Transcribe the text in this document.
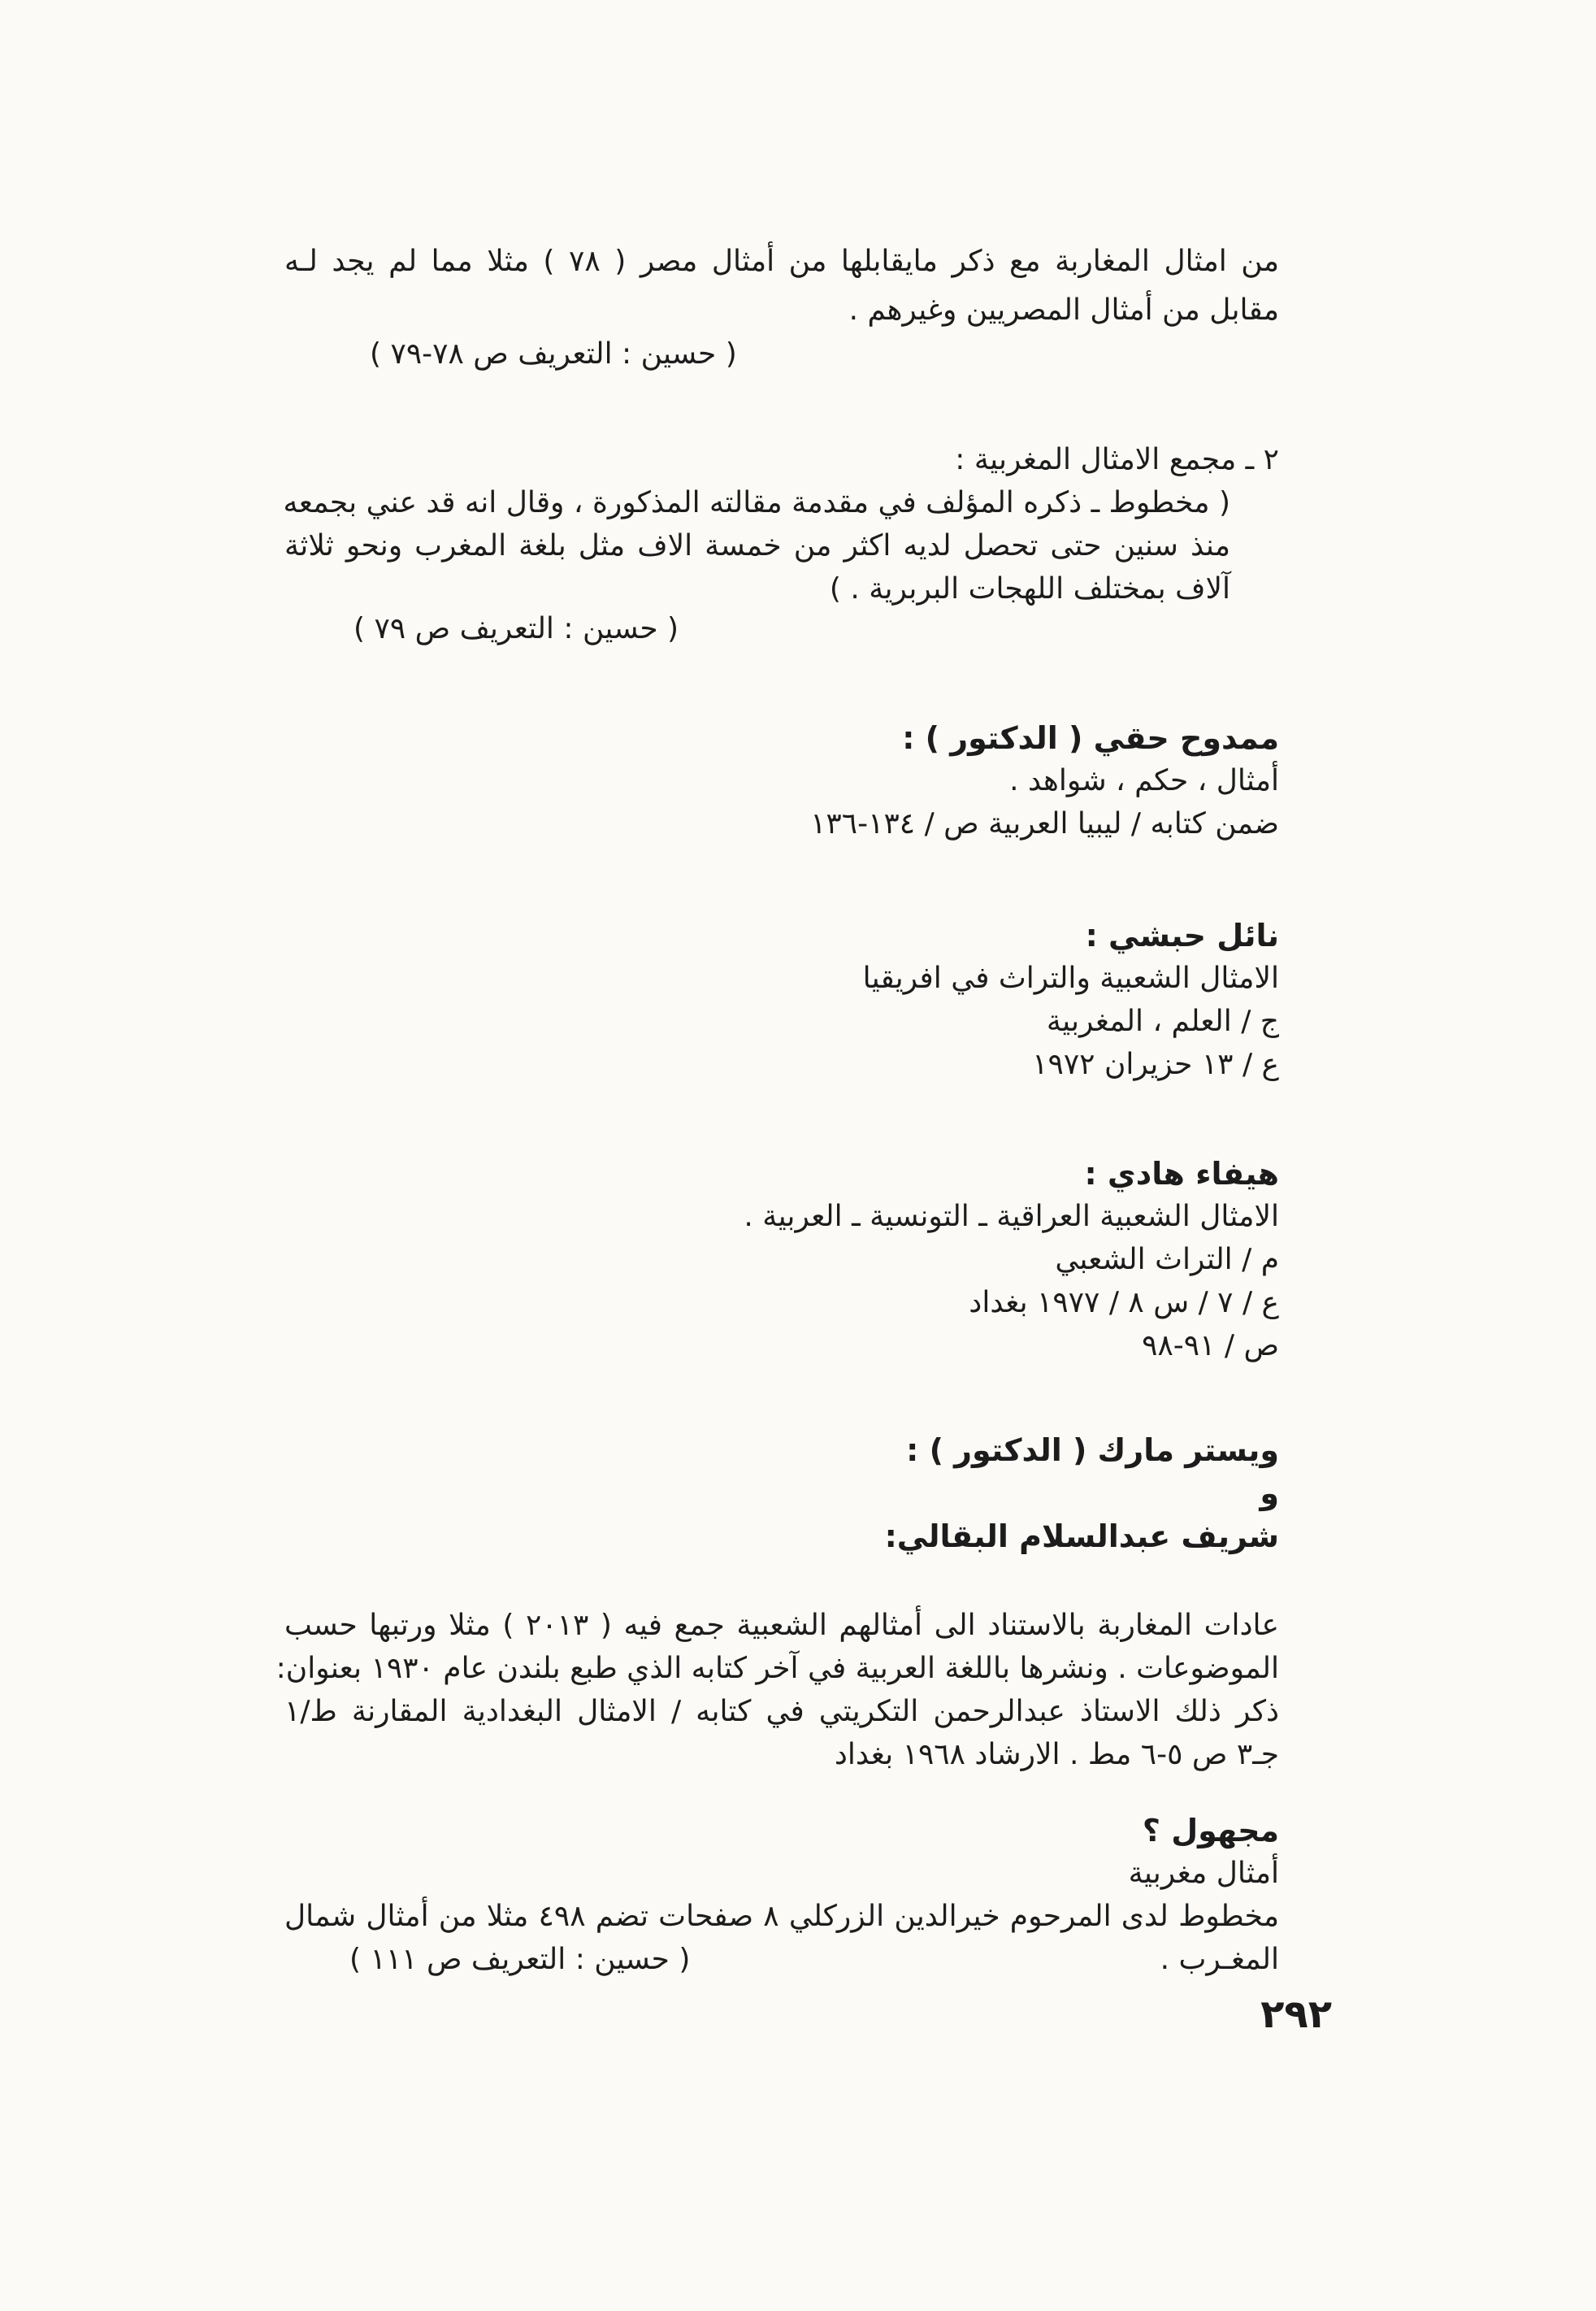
من امثال المغاربة مع ذكر مايقابلها من أمثال مصر ( ٧٨ ) مثلا مما لم يجد لـه
مقابل من أمثال المصريين وغيرهم .
( حسين : التعريف ص ٧٨-٧٩ )
٢ ـ مجمع الامثال المغربية :
( مخطوط ـ ذكره المؤلف في مقدمة مقالته المذكورة ، وقال انه قد عني بجمعه
منذ سنين حتى تحصل لديه اكثر من خمسة الاف مثل بلغة المغرب ونحو ثلاثة
آلاف بمختلف اللهجات البربرية . )
( حسين : التعريف ص ٧٩ )
ممدوح حقي ( الدكتور ) :
أمثال ، حكم ، شواهد .
ضمن كتابه / ليبيا العربية ص / ١٣٤-١٣٦
نائل حبشي :
الامثال الشعبية والتراث في افريقيا
ج / العلم ، المغربية
ع / ١٣ حزيران ١٩٧٢
هيفاء هادي :
الامثال الشعبية العراقية ـ التونسية ـ العربية .
م / التراث الشعبي
ع / ٧ / س ٨ / ١٩٧٧ بغداد
ص / ٩١-٩٨
ويستر مارك ( الدكتور ) :
و
شريف عبدالسلام البقالي:
عادات المغاربة بالاستناد الى أمثالهم الشعبية جمع فيه ( ٢٠١٣ ) مثلا ورتبها حسب
الموضوعات . ونشرها باللغة العربية في آخر كتابه الذي طبع بلندن عام ١٩٣٠ بعنوان:
ذكر ذلك الاستاذ عبدالرحمن التكريتي في كتابه / الامثال البغدادية المقارنة ط/١
جـ٣ ص ٥-٦ مط . الارشاد ١٩٦٨ بغداد
مجهول ؟
أمثال مغربية
مخطوط لدى المرحوم خيرالدين الزركلي ٨ صفحات تضم ٤٩٨ مثلا من أمثال شمال
المغـرب .
( حسين : التعريف ص ١١١ )
٢٩٢
